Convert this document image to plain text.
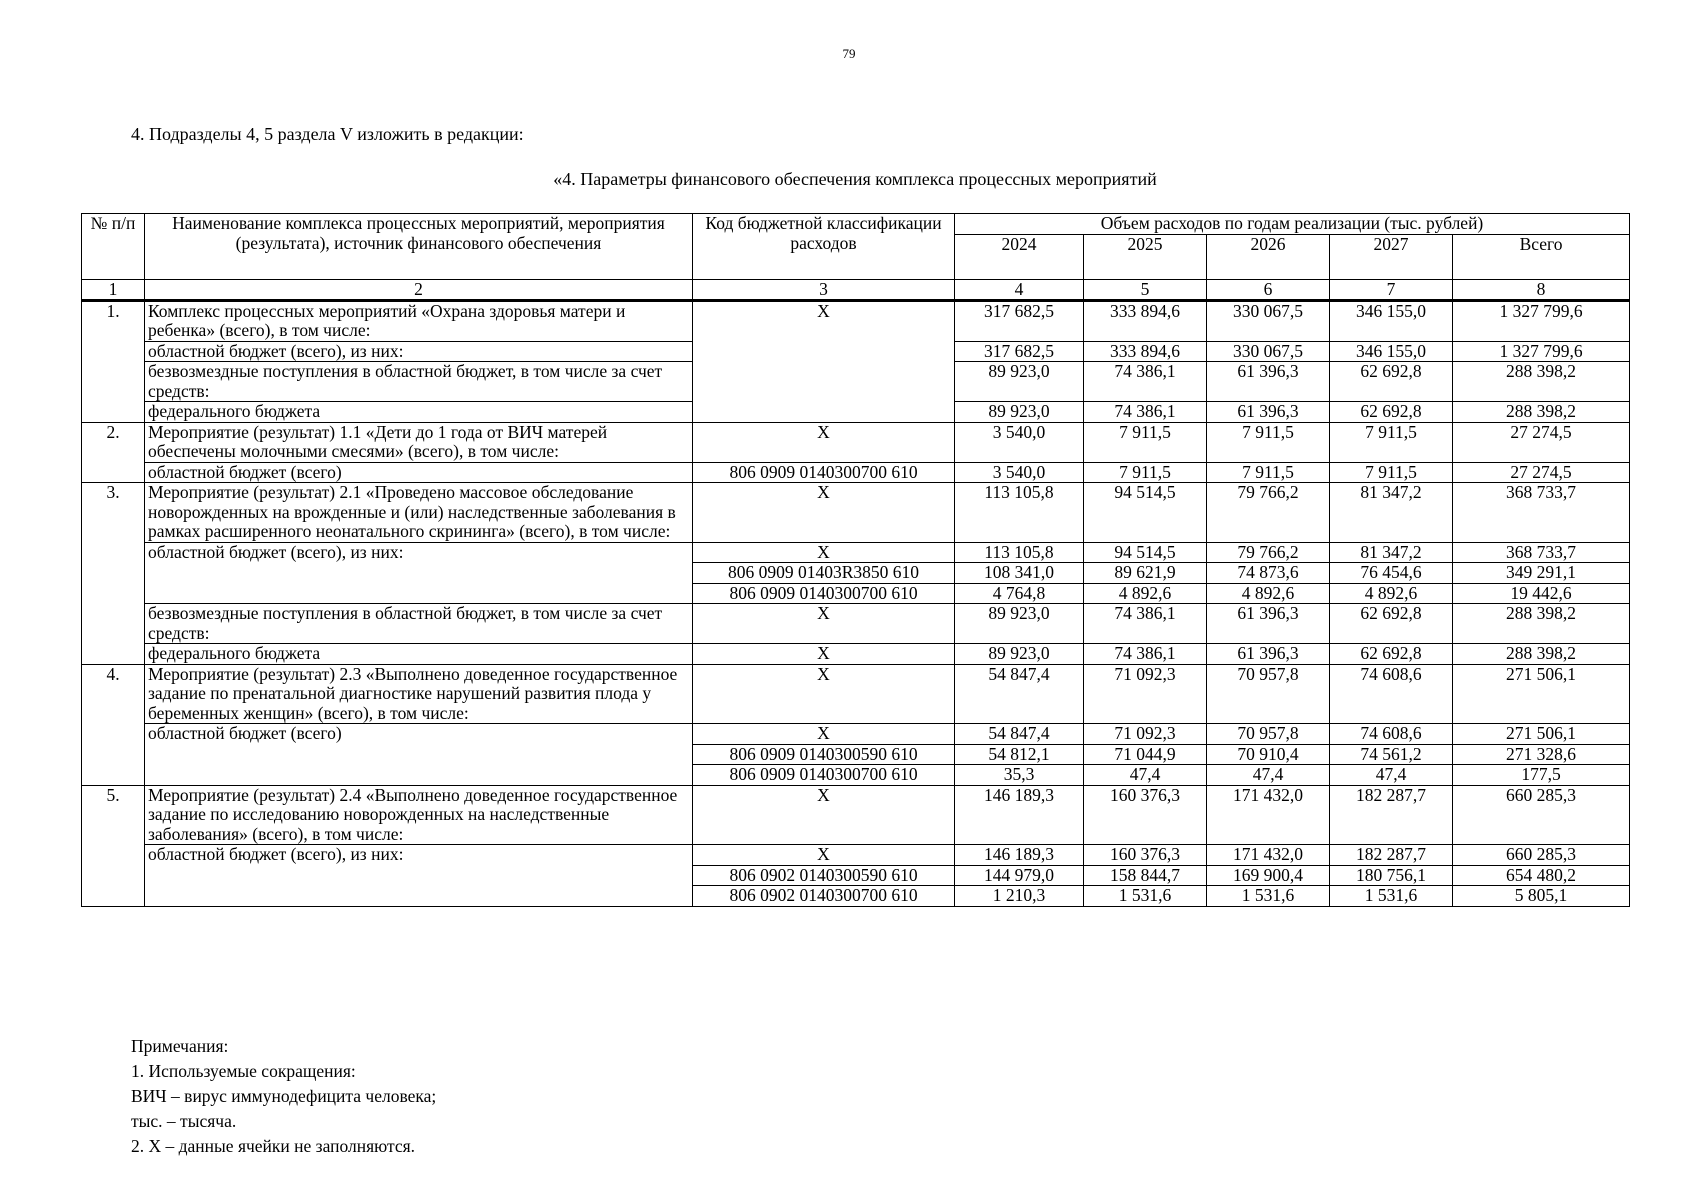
79
4. Подразделы 4, 5 раздела V изложить в редакции:
«4. Параметры финансового обеспечения комплекса процессных мероприятий
№ п/п	Наименование комплекса процессных мероприятий, мероприятия (результата), источник финансового обеспечения	Код бюджетной классификации расходов	Объем расходов по годам реализации (тыс. рублей)				
			2024	2025	2026	2027	Всего
1	2	3	4	5	6	7	8
1.	Комплекс процессных мероприятий «Охрана здоровья матери и ребенка» (всего), в том числе:	X	317 682,5	333 894,6	330 067,5	346 155,0	1 327 799,6
	областной бюджет (всего), из них:		317 682,5	333 894,6	330 067,5	346 155,0	1 327 799,6
	безвозмездные поступления в областной бюджет, в том числе за счет средств:		89 923,0	74 386,1	61 396,3	62 692,8	288 398,2
	федерального бюджета		89 923,0	74 386,1	61 396,3	62 692,8	288 398,2
2.	Мероприятие (результат) 1.1 «Дети до 1 года от ВИЧ матерей обеспечены молочными смесями» (всего), в том числе:	X	3 540,0	7 911,5	7 911,5	7 911,5	27 274,5
	областной бюджет (всего)	806 0909 0140300700 610	3 540,0	7 911,5	7 911,5	7 911,5	27 274,5
3.	Мероприятие (результат) 2.1 «Проведено массовое обследование новорожденных на врожденные и (или) наследственные заболевания в рамках расширенного неонатального скрининга» (всего), в том числе:	X	113 105,8	94 514,5	79 766,2	81 347,2	368 733,7
	областной бюджет (всего), из них:	X	113 105,8	94 514,5	79 766,2	81 347,2	368 733,7
		806 0909 01403R3850 610	108 341,0	89 621,9	74 873,6	76 454,6	349 291,1
		806 0909 0140300700 610	4 764,8	4 892,6	4 892,6	4 892,6	19 442,6
	безвозмездные поступления в областной бюджет, в том числе за счет средств:	X	89 923,0	74 386,1	61 396,3	62 692,8	288 398,2
	федерального бюджета	X	89 923,0	74 386,1	61 396,3	62 692,8	288 398,2
4.	Мероприятие (результат) 2.3 «Выполнено доведенное государственное задание по пренатальной диагностике нарушений развития плода у беременных женщин» (всего), в том числе:	X	54 847,4	71 092,3	70 957,8	74 608,6	271 506,1
	областной бюджет (всего)	X	54 847,4	71 092,3	70 957,8	74 608,6	271 506,1
		806 0909 0140300590 610	54 812,1	71 044,9	70 910,4	74 561,2	271 328,6
		806 0909 0140300700 610	35,3	47,4	47,4	47,4	177,5
5.	Мероприятие (результат) 2.4 «Выполнено доведенное государственное задание по исследованию новорожденных на наследственные заболевания» (всего), в том числе:	X	146 189,3	160 376,3	171 432,0	182 287,7	660 285,3
	областной бюджет (всего), из них:	X	146 189,3	160 376,3	171 432,0	182 287,7	660 285,3
		806 0902 0140300590 610	144 979,0	158 844,7	169 900,4	180 756,1	654 480,2
		806 0902 0140300700 610	1 210,3	1 531,6	1 531,6	1 531,6	5 805,1
Примечания:
1. Используемые сокращения:
ВИЧ – вирус иммунодефицита человека;
тыс. – тысяча.
2. X – данные ячейки не заполняются.
